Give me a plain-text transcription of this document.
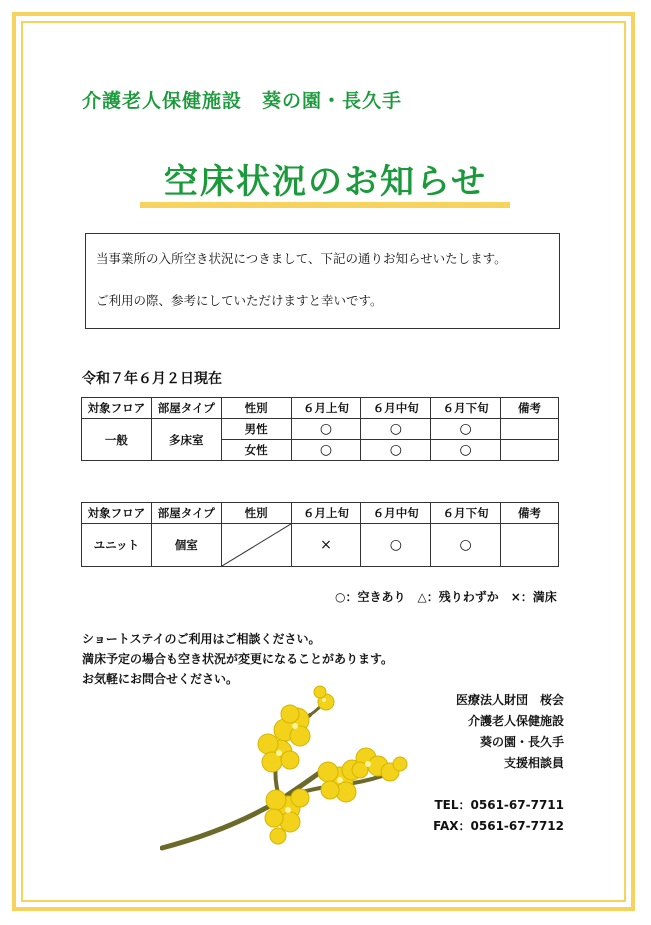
介護老人保健施設　葵の園・長久手
空床状況のお知らせ

当事業所の入所空き状況につきまして、下記の通りお知らせいたします。

ご利用の際、参考にしていただけますと幸いです。

令和７年６月２日現在
対象フロア	部屋タイプ	性別	６月上旬	６月中旬	６月下旬	備考
一般	多床室	男性	○	○	○	
		女性	○	○	○	
対象フロア	部屋タイプ	性別	６月上旬	６月中旬	６月下旬	備考
ユニット	個室		×	○	○	
○：空きあり　△：残りわずか　×：満床
ショートステイのご利用はご相談ください。
満床予定の場合も空き状況が変更になることがあります。
お気軽にお問合せください。
医療法人財団　桜会
介護老人保健施設
葵の園・長久手
支援相談員
TEL：0561-67-7711
FAX：0561-67-7712
